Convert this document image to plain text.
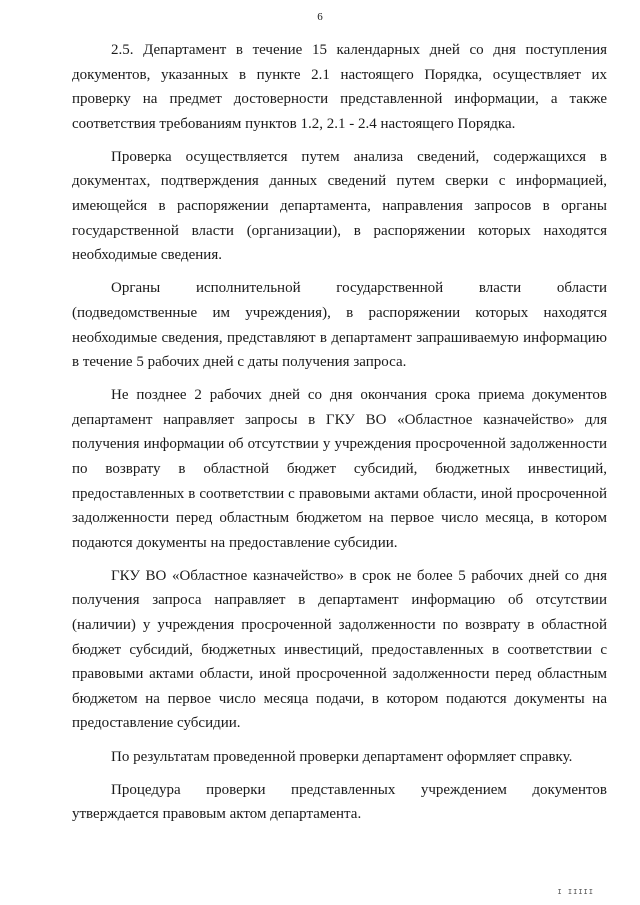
6

2.5. Департамент в течение 15 календарных дней со дня поступления документов, указанных в пункте 2.1 настоящего Порядка, осуществляет их проверку на предмет достоверности представленной информации, а также соответствия требованиям пунктов 1.2, 2.1 - 2.4 настоящего Порядка.

Проверка осуществляется путем анализа сведений, содержащихся в документах, подтверждения данных сведений путем сверки с информацией, имеющейся в распоряжении департамента, направления запросов в органы государственной власти (организации), в распоряжении которых находятся необходимые сведения.

Органы исполнительной государственной власти области (подведомственные им учреждения), в распоряжении которых находятся необходимые сведения, представляют в департамент запрашиваемую информацию в течение 5 рабочих дней с даты получения запроса.

Не позднее 2 рабочих дней со дня окончания срока приема документов департамент направляет запросы в ГКУ ВО «Областное казначейство» для получения информации об отсутствии у учреждения просроченной задолженности по возврату в областной бюджет субсидий, бюджетных инвестиций, предоставленных в соответствии с правовыми актами области, иной просроченной задолженности перед областным бюджетом на первое число месяца, в котором подаются документы на предоставление субсидии.

ГКУ ВО «Областное казначейство» в срок не более 5 рабочих дней со дня получения запроса направляет в департамент информацию об отсутствии (наличии) у учреждения просроченной задолженности по возврату в областной бюджет субсидий, бюджетных инвестиций, предоставленных в соответствии с правовыми актами области, иной просроченной задолженности перед областным бюджетом на первое число месяца подачи, в котором подаются документы на предоставление субсидии.

По результатам проведенной проверки департамент оформляет справку.

Процедура проверки представленных учреждением документов утверждается правовым актом департамента.

I IIIII
